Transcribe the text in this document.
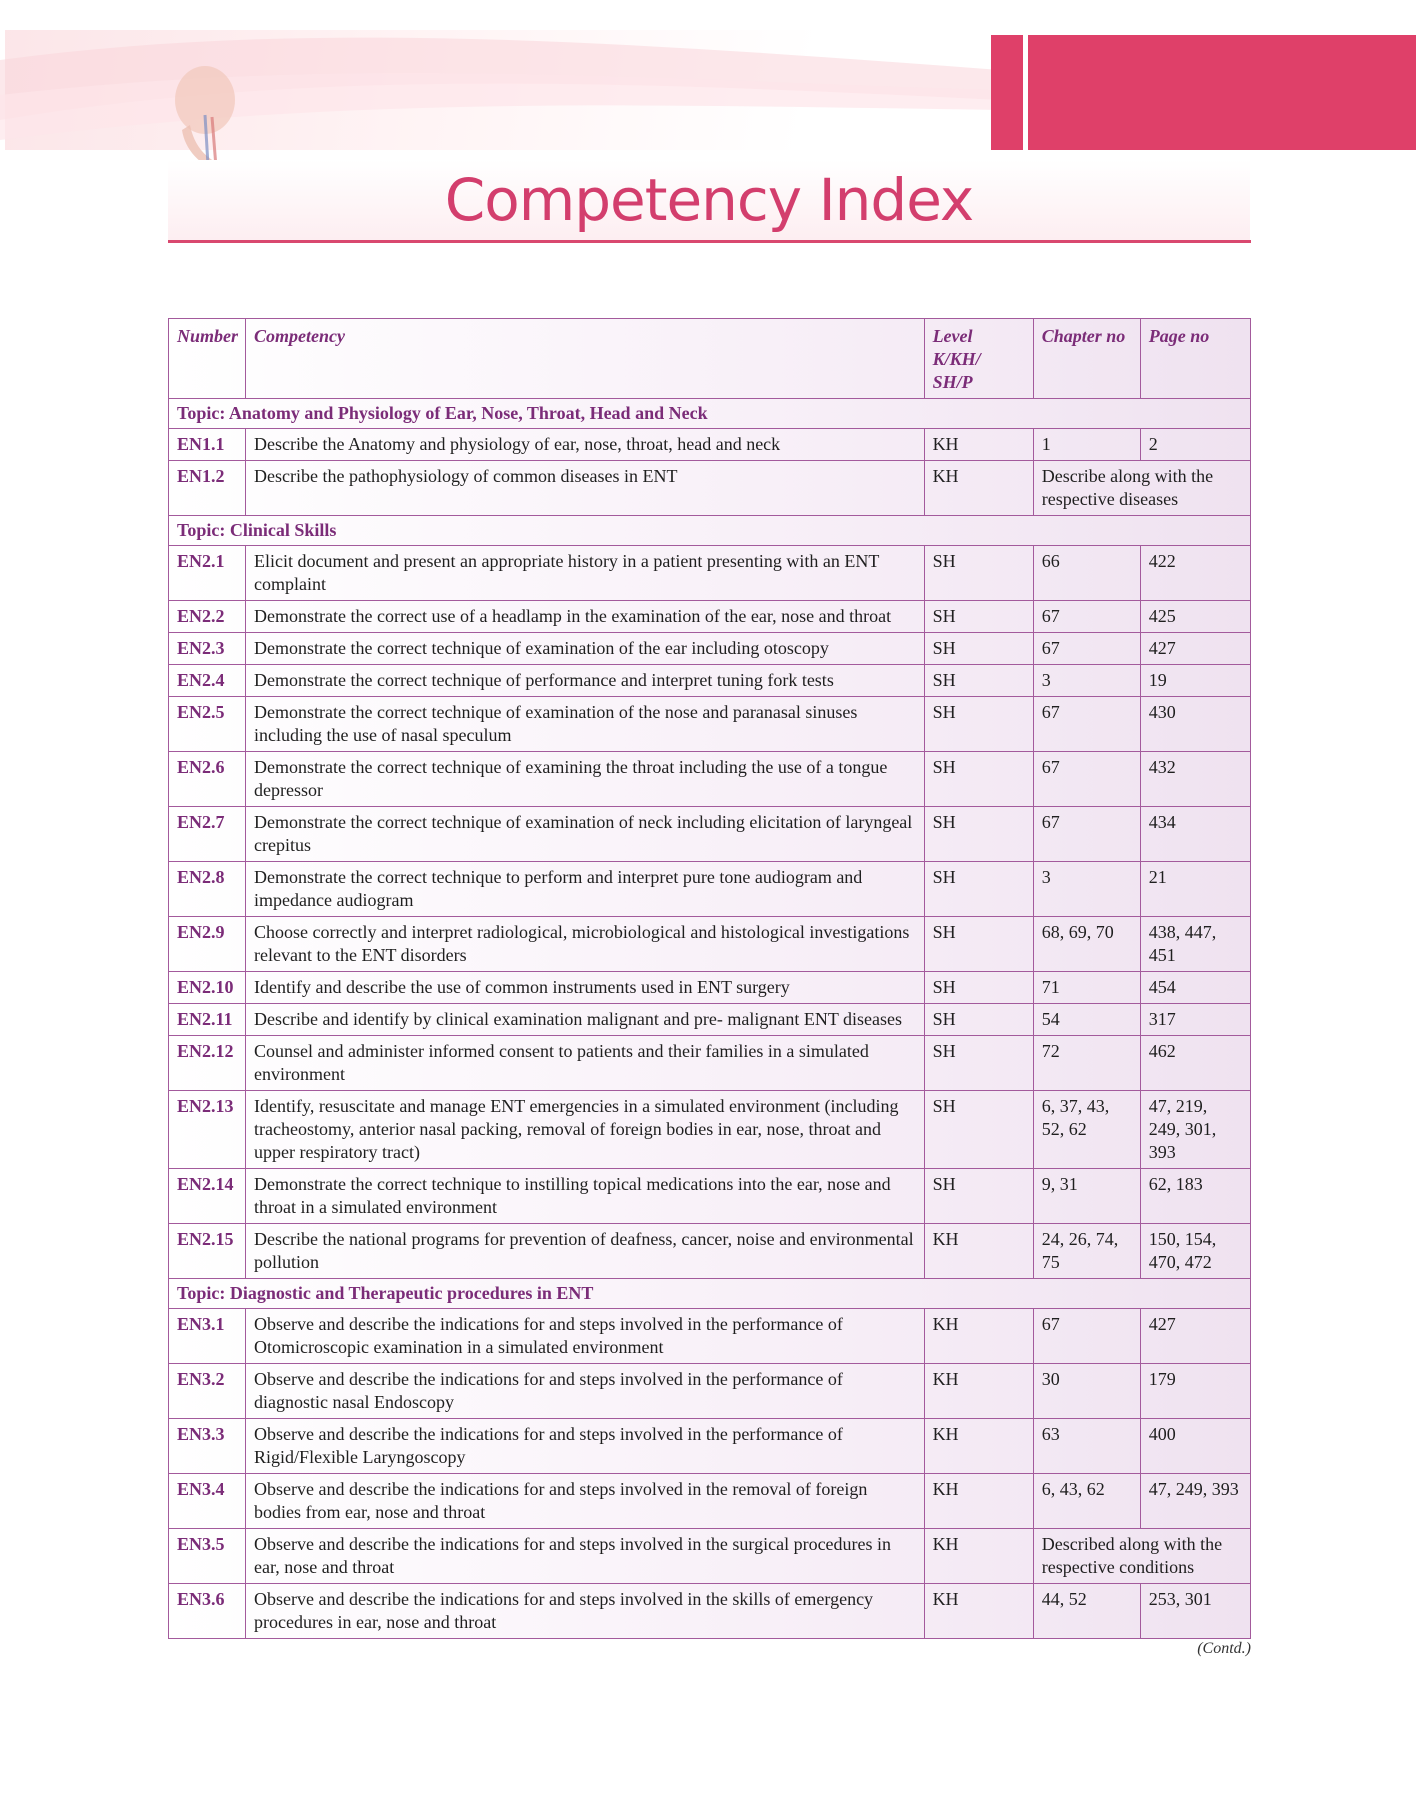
Competency Index
Number	Competency	Level K/KH/ SH/P	Chapter no	Page no
Topic: Anatomy and Physiology of Ear, Nose, Throat, Head and Neck				
EN1.1	Describe the Anatomy and physiology of ear, nose, throat, head and neck	KH	1	2
EN1.2	Describe the pathophysiology of common diseases in ENT	KH	Describe along with the respective diseases	
Topic: Clinical Skills				
EN2.1	Elicit document and present an appropriate history in a patient presenting with an ENT complaint	SH	66	422
EN2.2	Demonstrate the correct use of a headlamp in the examination of the ear, nose and throat	SH	67	425
EN2.3	Demonstrate the correct technique of examination of the ear including otoscopy	SH	67	427
EN2.4	Demonstrate the correct technique of performance and interpret tuning fork tests	SH	3	19
EN2.5	Demonstrate the correct technique of examination of the nose and paranasal sinuses including the use of nasal speculum	SH	67	430
EN2.6	Demonstrate the correct technique of examining the throat including the use of a tongue depressor	SH	67	432
EN2.7	Demonstrate the correct technique of examination of neck including elicitation of laryngeal crepitus	SH	67	434
EN2.8	Demonstrate the correct technique to perform and interpret pure tone audiogram and impedance audiogram	SH	3	21
EN2.9	Choose correctly and interpret radiological, microbiological and histological investigations relevant to the ENT disorders	SH	68, 69, 70	438, 447, 451
EN2.10	Identify and describe the use of common instruments used in ENT surgery	SH	71	454
EN2.11	Describe and identify by clinical examination malignant and pre- malignant ENT diseases	SH	54	317
EN2.12	Counsel and administer informed consent to patients and their families in a simulated environment	SH	72	462
EN2.13	Identify, resuscitate and manage ENT emergencies in a simulated environment (including tracheostomy, anterior nasal packing, removal of foreign bodies in ear, nose, throat and upper respiratory tract)	SH	6, 37, 43, 52, 62	47, 219, 249, 301, 393
EN2.14	Demonstrate the correct technique to instilling topical medications into the ear, nose and throat in a simulated environment	SH	9, 31	62, 183
EN2.15	Describe the national programs for prevention of deafness, cancer, noise and environmental pollution	KH	24, 26, 74, 75	150, 154, 470, 472
Topic: Diagnostic and Therapeutic procedures in ENT				
EN3.1	Observe and describe the indications for and steps involved in the performance of Otomicroscopic examination in a simulated environment	KH	67	427
EN3.2	Observe and describe the indications for and steps involved in the performance of diagnostic nasal Endoscopy	KH	30	179
EN3.3	Observe and describe the indications for and steps involved in the performance of Rigid/Flexible Laryngoscopy	KH	63	400
EN3.4	Observe and describe the indications for and steps involved in the removal of foreign bodies from ear, nose and throat	KH	6, 43, 62	47, 249, 393
EN3.5	Observe and describe the indications for and steps involved in the surgical procedures in ear, nose and throat	KH	Described along with the respective conditions	
EN3.6	Observe and describe the indications for and steps involved in the skills of emergency procedures in ear, nose and throat	KH	44, 52	253, 301
(Contd.)
